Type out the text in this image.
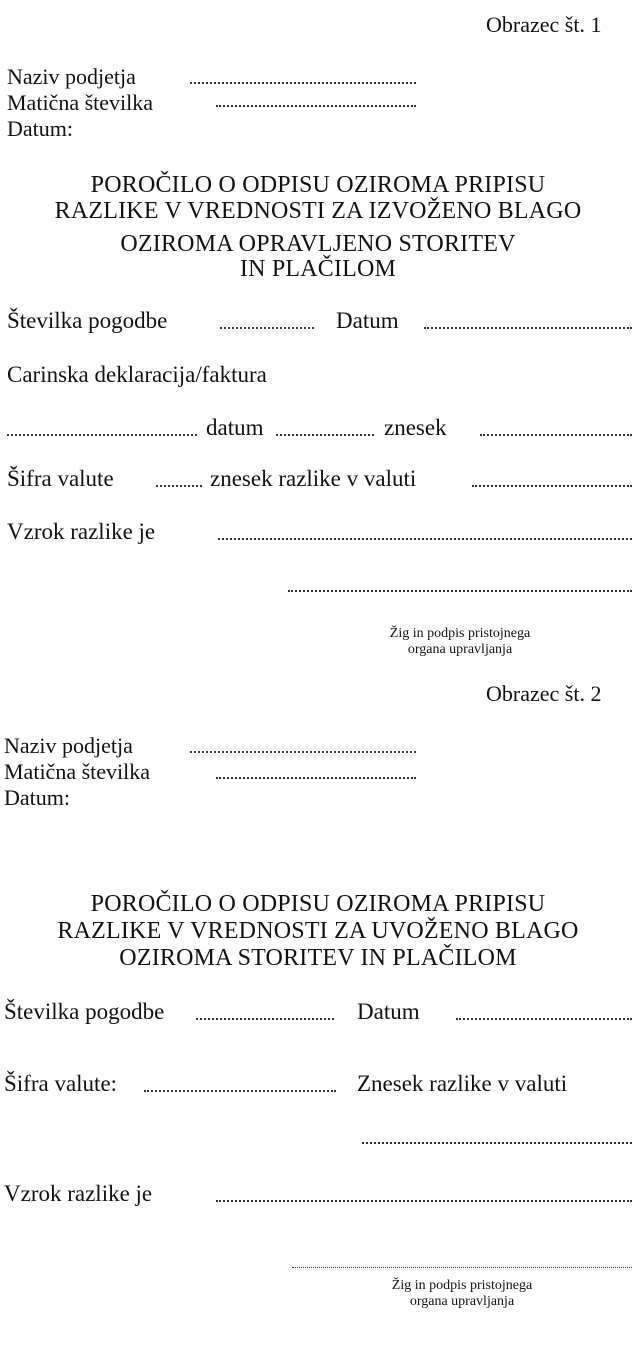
Obrazec št. 1
Naziv podjetja
Matična številka
Datum:
POROČILO O ODPISU OZIROMA PRIPISU
RAZLIKE V VREDNOSTI ZA IZVOŽENO BLAGO
OZIROMA OPRAVLJENO STORITEV
IN PLAČILOM
Številka pogodbe	Datum
Carinska deklaracija/faktura
datum	znesek
Šifra valute	znesek razlike v valuti
Vzrok razlike je
Žig in podpis pristojnega
organa upravljanja
Obrazec št. 2
Naziv podjetja
Matična številka
Datum:
POROČILO O ODPISU OZIROMA PRIPISU
RAZLIKE V VREDNOSTI ZA UVOŽENO BLAGO
OZIROMA STORITEV IN PLAČILOM
Številka pogodbe	Datum
Šifra valute:	Znesek razlike v valuti
Vzrok razlike je
Žig in podpis pristojnega
organa upravljanja
